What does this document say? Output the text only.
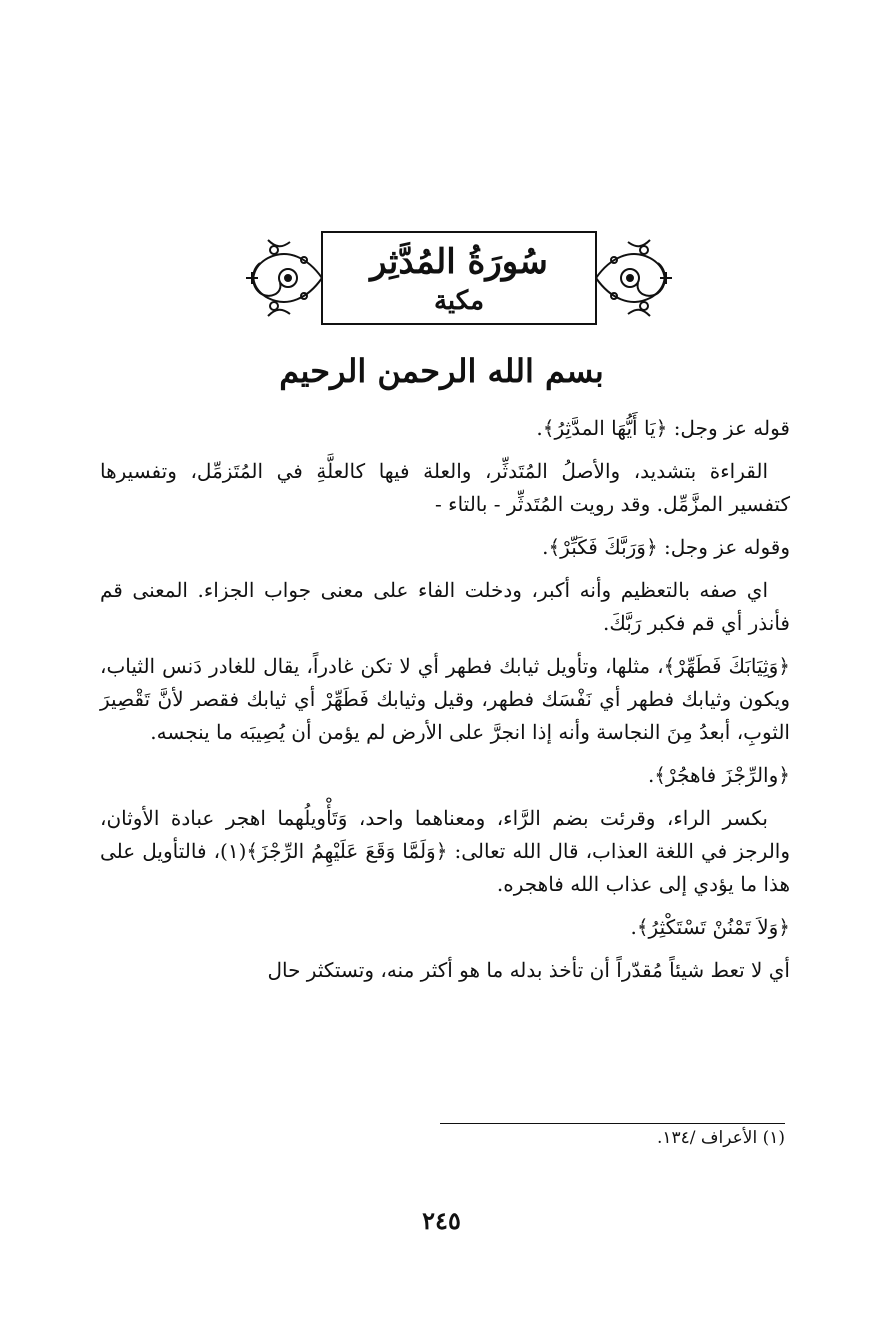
سُورَةُ المُدَّثِر
مكية
بسم الله الرحمن الرحيم

قوله عز وجل: ﴿يَا أَيُّهَا المدَّثِرُ﴾.

القراءة بتشديد، والأصلُ المُتَدثِّر، والعلة فيها كالعلَّةِ في المُتَزمِّل، وتفسيرها كتفسير المزَّمِّل. وقد رويت المُتَدثِّر - بالتاء -

وقوله عز وجل: ﴿وَرَبَّكَ فَكَبِّرْ﴾.

اي صفه بالتعظيم وأنه أكبر، ودخلت الفاء على معنى جواب الجزاء. المعنى قم فأنذر أي قم فكبر رَبَّكَ.

﴿وَثِيَابَكَ فَطَهِّرْ﴾، مثلها، وتأويل ثيابك فطهر أي لا تكن غادراً، يقال للغادر دَنس الثياب، ويكون وثيابك فطهر أي نَفْسَك فطهر، وقيل وثيابك فَطَهِّرْ أي ثيابك فقصر لأنَّ تَقْصِيرَ الثوبِ، أبعدُ مِنَ النجاسة وأنه إذا انجرَّ على الأرض لم يؤمن أن يُصِيبَه ما ينجسه.

﴿والرِّجْزَ فاهجُرْ﴾.

بكسر الراء، وقرئت بضم الرَّاء، ومعناهما واحد، وَتَأْويلُهما اهجر عبادة الأوثان، والرجز في اللغة العذاب، قال الله تعالى: ﴿وَلَمَّا وَقَعَ عَلَيْهِمُ الرِّجْزَ﴾(١)، فالتأويل على هذا ما يؤدي إلى عذاب الله فاهجره.

﴿وَلاَ تَمْنُنْ تَسْتَكْثِرُ﴾.

أي لا تعط شيئاً مُقدّراً أن تأخذ بدله ما هو أكثر منه، وتستكثر حال

(١) الأعراف /١٣٤.
٢٤٥
